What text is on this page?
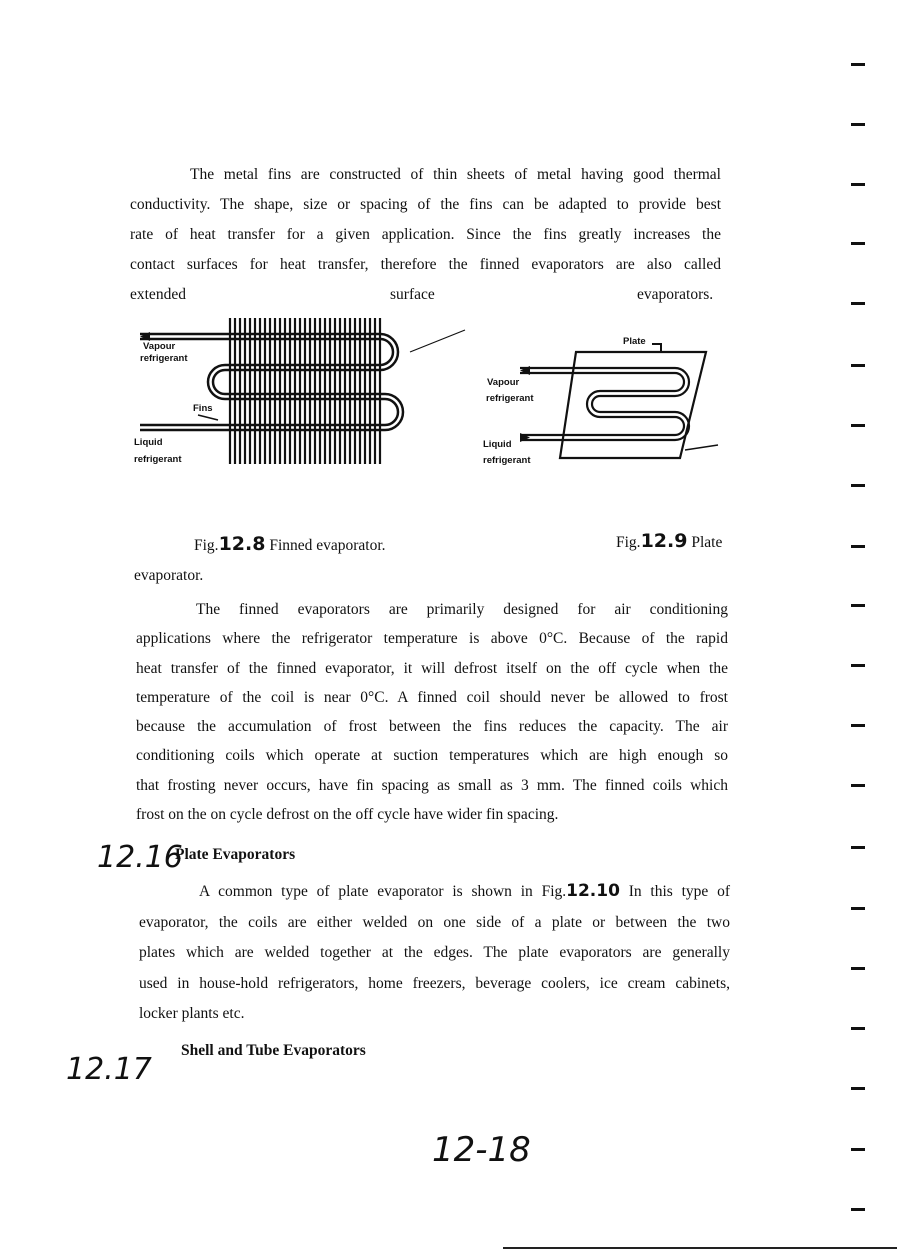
The metal fins are constructed of thin sheets of metal having good thermal
conductivity. The shape, size or spacing of the fins can be adapted to provide best
rate of heat transfer for a given application. Since the fins greatly increases the
contact surfaces for heat transfer, therefore the finned evaporators are also called
extended	surface	evaporators.
Vapour
refrigerant
Fins
Liquid
refrigerant
Plate
Vapour
refrigerant
Liquid
refrigerant
Fig.12.8 Finned evaporator.	Fig.12.9 Plate
evaporator.
The finned evaporators are primarily designed for air conditioning
applications where the refrigerator temperature is above 0°C. Because of the rapid
heat transfer of the finned evaporator, it will defrost itself on the off cycle when the
temperature of the coil is near 0°C. A finned coil should never be allowed to frost
because the accumulation of frost between the fins reduces the capacity. The air
conditioning coils which operate at suction temperatures which are high enough so
that frosting never occurs, have fin spacing as small as 3 mm. The finned coils which
frost on the on cycle defrost on the off cycle have wider fin spacing.
12.16
Plate Evaporators
A common type of plate evaporator is shown in Fig.12.10 In this type of
evaporator, the coils are either welded on one side of a plate or between the two
plates which are welded together at the edges. The plate evaporators are generally
used in house-hold refrigerators, home freezers, beverage coolers, ice cream cabinets,
locker plants etc.
12.17
Shell and Tube Evaporators
12-18
